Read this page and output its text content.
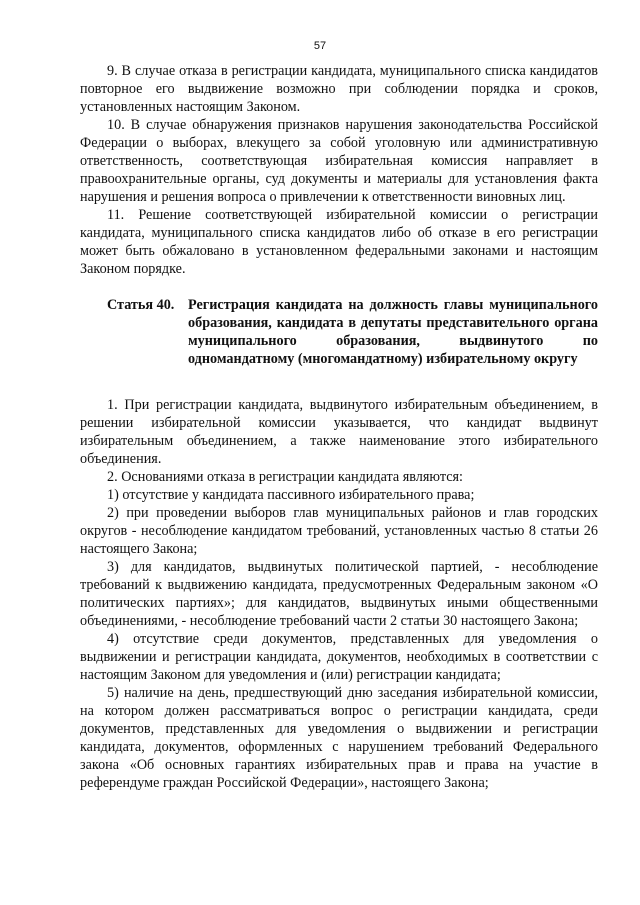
57

9. В случае отказа в регистрации кандидата, муниципального списка кандидатов повторное его выдвижение возможно при соблюдении порядка и сроков, установленных настоящим Законом.

10. В случае обнаружения признаков нарушения законодательства Российской Федерации о выборах, влекущего за собой уголовную или административную ответственность, соответствующая избирательная комиссия направляет в правоохранительные органы, суд документы и материалы для установления факта нарушения и решения вопроса о привлечении к ответственности виновных лиц.

11. Решение соответствующей избирательной комиссии о регистрации кандидата, муниципального списка кандидатов либо об отказе в его регистрации может быть обжаловано в установленном федеральными законами и настоящим Законом порядке.

Статья 40. Регистрация кандидата на должность главы муниципального образования, кандидата в депутаты представительного органа муниципального образования, выдвинутого по одномандатному (многомандатному) избирательному округу

1. При регистрации кандидата, выдвинутого избирательным объединением, в решении избирательной комиссии указывается, что кандидат выдвинут избирательным объединением, а также наименование этого избирательного объединения.

2. Основаниями отказа в регистрации кандидата являются:

1) отсутствие у кандидата пассивного избирательного права;

2) при проведении выборов глав муниципальных районов и глав городских округов - несоблюдение кандидатом требований, установленных частью 8 статьи 26 настоящего Закона;

3) для кандидатов, выдвинутых политической партией, - несоблюдение требований к выдвижению кандидата, предусмотренных Федеральным законом «О политических партиях»; для кандидатов, выдвинутых иными общественными объединениями, - несоблюдение требований части 2 статьи 30 настоящего Закона;

4) отсутствие среди документов, представленных для уведомления о выдвижении и регистрации кандидата, документов, необходимых в соответствии с настоящим Законом для уведомления и (или) регистрации кандидата;

5) наличие на день, предшествующий дню заседания избирательной комиссии, на котором должен рассматриваться вопрос о регистрации кандидата, среди документов, представленных для уведомления о выдвижении и регистрации кандидата, документов, оформленных с нарушением требований Федерального закона «Об основных гарантиях избирательных прав и права на участие в референдуме граждан Российской Федерации», настоящего Закона;
